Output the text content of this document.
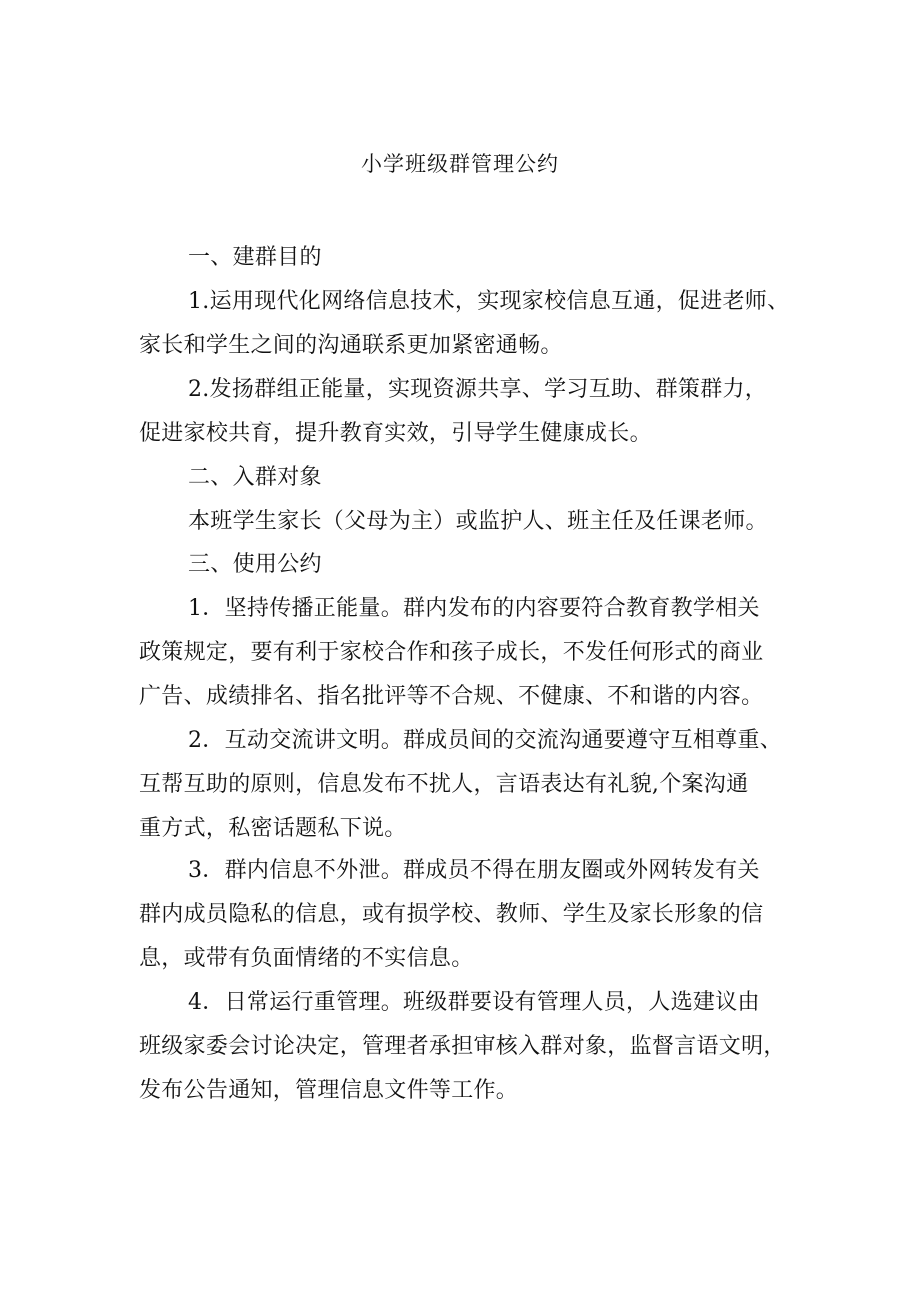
小学班级群管理公约
一、建群目的
1.运用现代化网络信息技术，实现家校信息互通，促进老师、
家长和学生之间的沟通联系更加紧密通畅。
2.发扬群组正能量，实现资源共享、学习互助、群策群力，
促进家校共育，提升教育实效，引导学生健康成长。
二、入群对象
本班学生家长（父母为主）或监护人、班主任及任课老师。
三、使用公约
1．坚持传播正能量。群内发布的内容要符合教育教学相关
政策规定，要有利于家校合作和孩子成长，不发任何形式的商业
广告、成绩排名、指名批评等不合规、不健康、不和谐的内容。
2．互动交流讲文明。群成员间的交流沟通要遵守互相尊重、
互帮互助的原则，信息发布不扰人，言语表达有礼貌,个案沟通
重方式，私密话题私下说。
3．群内信息不外泄。群成员不得在朋友圈或外网转发有关
群内成员隐私的信息，或有损学校、教师、学生及家长形象的信
息，或带有负面情绪的不实信息。
4．日常运行重管理。班级群要设有管理人员，人选建议由
班级家委会讨论决定，管理者承担审核入群对象，监督言语文明，
发布公告通知，管理信息文件等工作。
